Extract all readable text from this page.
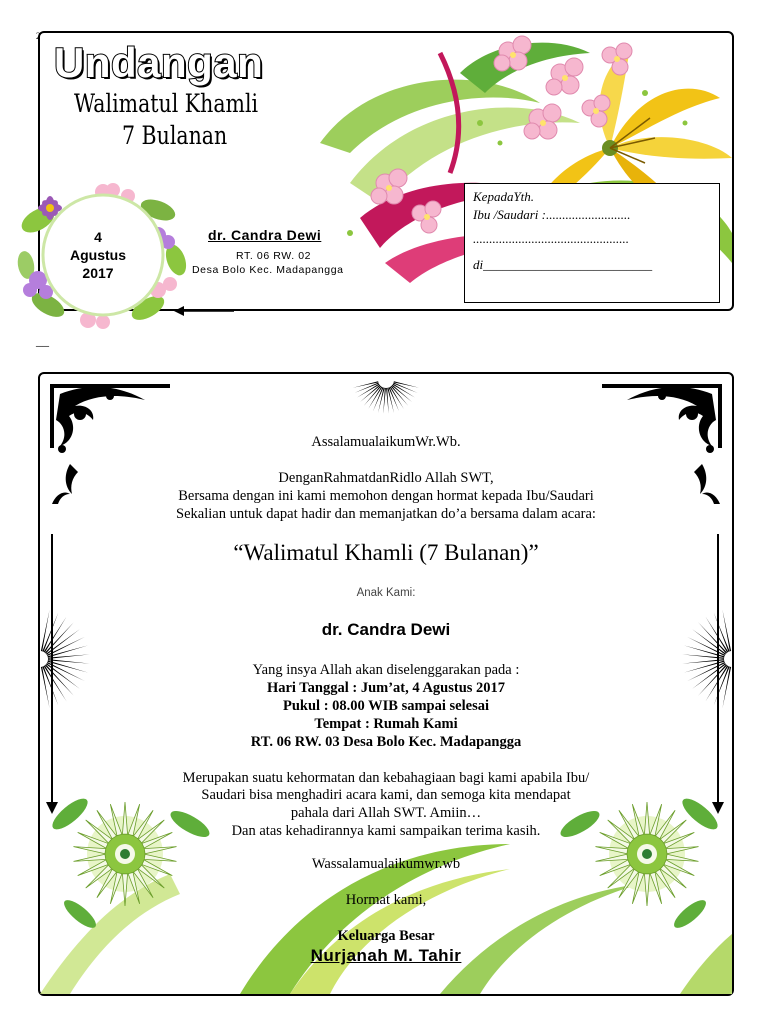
2
Undangan
Walimatul Khamli
7 Bulanan
dr. Candra Dewi
RT. 06 RW. 02
Desa Bolo Kec. Madapangga
KepadaYth.
Ibu /Saudari :..........................
................................................
di__________________________
4
Agustus
2017
__
AssalamualaikumWr.Wb.
DenganRahmatdanRidlo Allah SWT,
Bersama dengan ini kami memohon dengan hormat kepada Ibu/Saudari
Sekalian untuk dapat hadir dan memanjatkan do’a bersama dalam acara:
“Walimatul Khamli (7 Bulanan)”
Anak Kami:
dr. Candra Dewi
Yang insya Allah akan diselenggarakan pada :
Hari Tanggal : Jum’at, 4 Agustus 2017
Pukul : 08.00 WIB sampai selesai
Tempat : Rumah Kami
RT. 06 RW. 03 Desa Bolo Kec. Madapangga
Merupakan suatu kehormatan dan kebahagiaan bagi kami apabila Ibu/
Saudari bisa menghadiri acara kami, dan semoga kita mendapat
pahala dari Allah SWT. Amiin…
Dan atas kehadirannya kami sampaikan terima kasih.
Wassalamualaikumwr.wb
Hormat kami,
Keluarga Besar
Nurjanah M. Tahir
